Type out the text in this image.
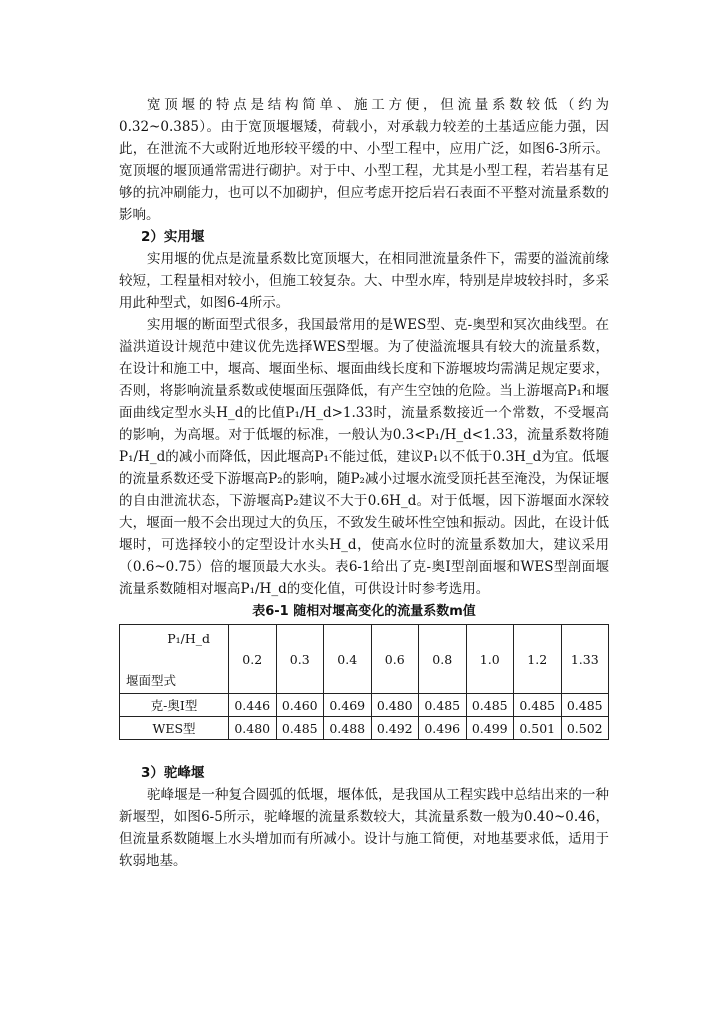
宽顶堰的特点是结构简单、施工方便，但流量系数较低（约为0.32~0.385）。由于宽顶堰堰矮，荷载小，对承载力较差的土基适应能力强，因此，在泄流不大或附近地形较平缓的中、小型工程中，应用广泛，如图6-3所示。宽顶堰的堰顶通常需进行砌护。对于中、小型工程，尤其是小型工程，若岩基有足够的抗冲刷能力，也可以不加砌护，但应考虑开挖后岩石表面不平整对流量系数的影响。

2）实用堰

实用堰的优点是流量系数比宽顶堰大，在相同泄流量条件下，需要的溢流前缘较短，工程量相对较小，但施工较复杂。大、中型水库，特别是岸坡较抖时，多采用此种型式，如图6-4所示。

实用堰的断面型式很多，我国最常用的是WES型、克-奥型和冥次曲线型。在溢洪道设计规范中建议优先选择WES型堰。为了使溢流堰具有较大的流量系数，在设计和施工中，堰高、堰面坐标、堰面曲线长度和下游堰坡均需满足规定要求，否则，将影响流量系数或使堰面压强降低，有产生空蚀的危险。当上游堰高P₁和堰面曲线定型水头H_d的比值P₁/H_d>1.33时，流量系数接近一个常数，不受堰高的影响，为高堰。对于低堰的标准，一般认为0.3<P₁/H_d<1.33，流量系数将随P₁/H_d的减小而降低，因此堰高P₁不能过低，建议P₁以不低于0.3H_d为宜。低堰的流量系数还受下游堰高P₂的影响，随P₂减小过堰水流受顶托甚至淹没，为保证堰的自由泄流状态，下游堰高P₂建议不大于0.6H_d。对于低堰，因下游堰面水深较大，堰面一般不会出现过大的负压，不致发生破坏性空蚀和振动。因此，在设计低堰时，可选择较小的定型设计水头H_d，使高水位时的流量系数加大，建议采用（0.6~0.75）倍的堰顶最大水头。表6-1给出了克-奥Ⅰ型剖面堰和WES型剖面堰流量系数随相对堰高P₁/H_d的变化值，可供设计时参考选用。

表6-1 随相对堰高变化的流量系数m值
P₁/H_d
堰面型式	0.2	0.3	0.4	0.6	0.8	1.0	1.2	1.33
克-奥Ⅰ型	0.446	0.460	0.469	0.480	0.485	0.485	0.485	0.485
WES型	0.480	0.485	0.488	0.492	0.496	0.499	0.501	0.502

3）驼峰堰

驼峰堰是一种复合圆弧的低堰，堰体低，是我国从工程实践中总结出来的一种新堰型，如图6-5所示，驼峰堰的流量系数较大，其流量系数一般为0.40~0.46，但流量系数随堰上水头增加而有所减小。设计与施工简便，对地基要求低，适用于软弱地基。
